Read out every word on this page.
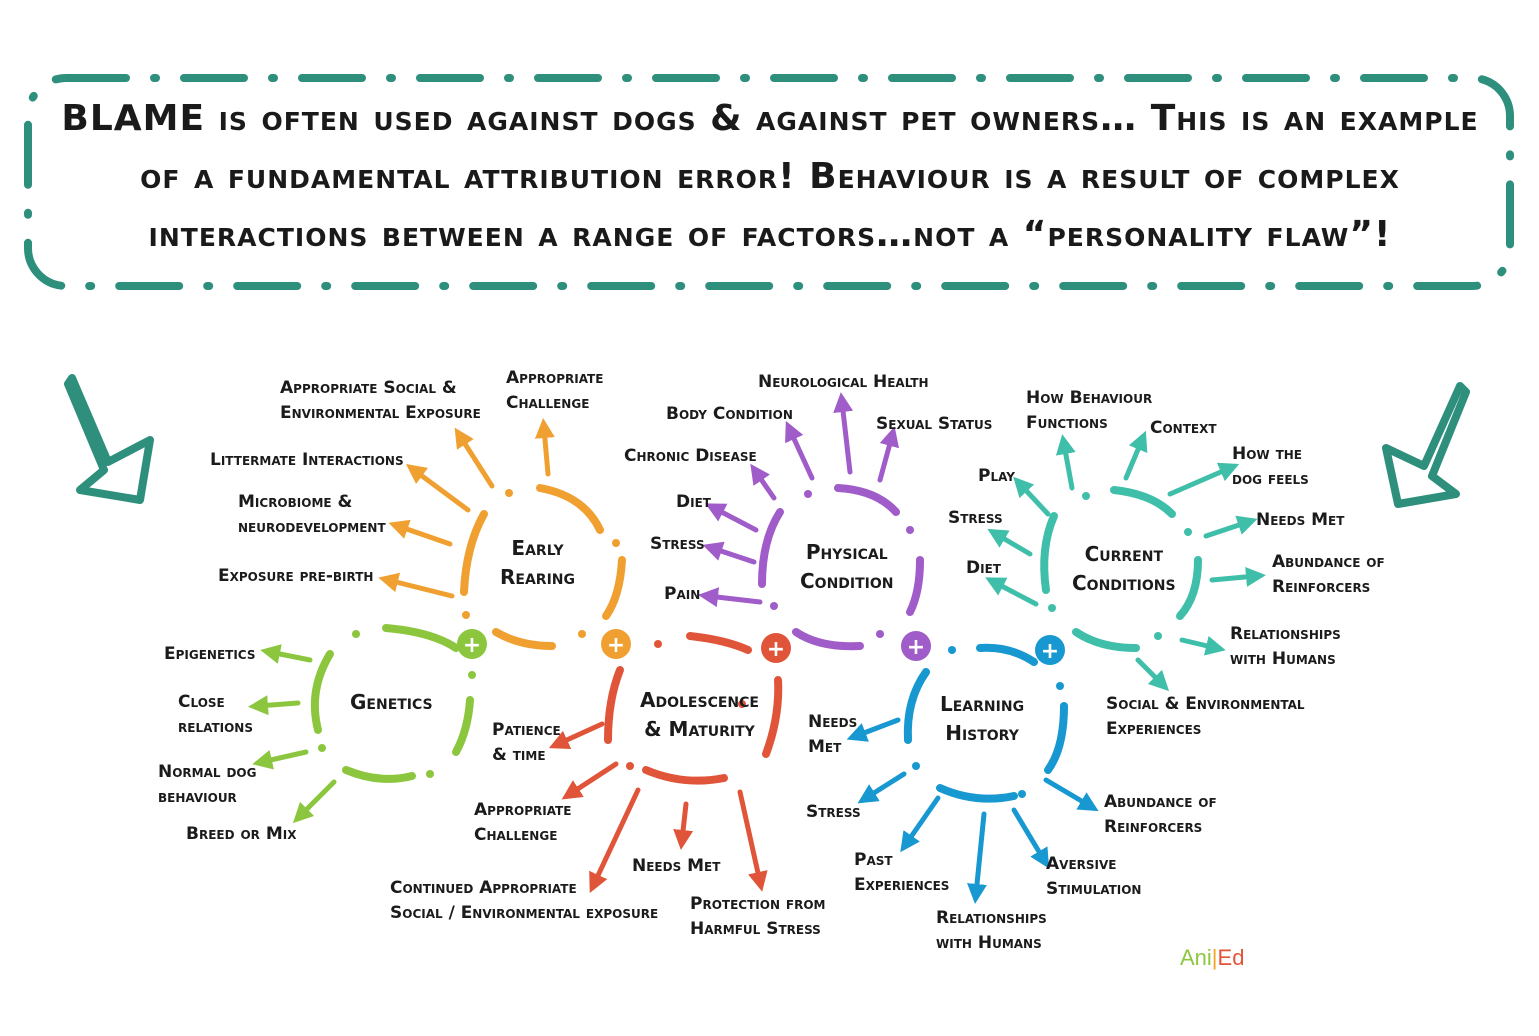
+	+	+	+	+
BLAME is often used against dogs & against pet owners… This is an example
of a fundamental attribution error! Behaviour is a result of complex
interactions between a range of factors…not a “personality flaw”!
Genetics
Early
Rearing
Adolescence
& Maturity
Physical
Condition
Learning
History
Current
Conditions
Epigenetics
Close
relations
Normal dog
behaviour
Breed or Mix
Exposure pre-birth
Microbiome &
neurodevelopment
Littermate Interactions
Appropriate Social &
Environmental Exposure
Appropriate
Challenge
Patience
& time
Appropriate
Challenge
Continued Appropriate
Social / Environmental exposure
Needs Met
Protection from
Harmful Stress
Pain
Stress
Diet
Chronic Disease
Body Condition
Neurological Health
Sexual Status
Needs
Met
Stress
Past
Experiences
Relationships
with Humans
Aversive
Stimulation
Abundance of
Reinforcers
Diet
Stress
Play
How Behaviour
Functions	Context
How the
dog feels
Needs Met
Abundance of
Reinforcers
Relationships
with Humans
Social & Environmental
Experiences
Ani|Ed
